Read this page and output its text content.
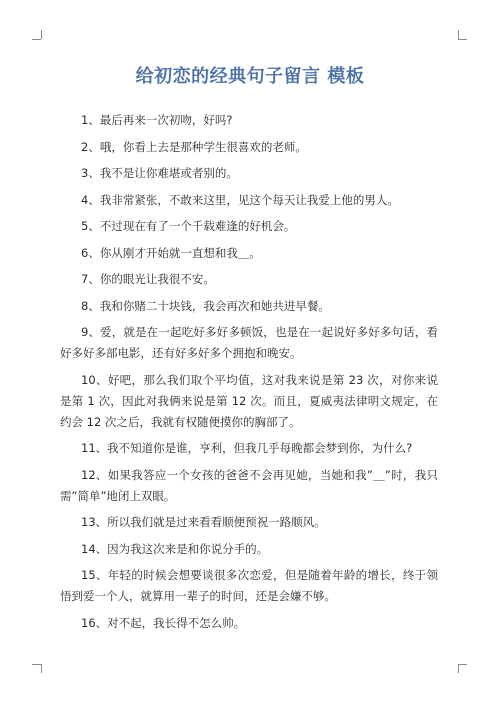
给初恋的经典句子留言 模板

1、最后再来一次初吻，好吗?

2、哦，你看上去是那种学生很喜欢的老师。

3、我不是让你难堪或者别的。

4、我非常紧张，不敢来这里，见这个每天让我爱上他的男人。

5、不过现在有了一个千载难逢的好机会。

6、你从刚才开始就一直想和我＿。

7、你的眼光让我很不安。

8、我和你赌二十块钱，我会再次和她共进早餐。

9、爱，就是在一起吃好多好多顿饭，也是在一起说好多好多句话，看好多好多部电影，还有好多好多个拥抱和晚安。

10、好吧，那么我们取个平均值，这对我来说是第 23 次，对你来说是第 1 次，因此对我俩来说是第 12 次。而且，夏威夷法律明文规定，在约会 12 次之后，我就有权随便摸你的胸部了。

11、我不知道你是谁，亨利，但我几乎每晚都会梦到你，为什么?

12、如果我答应一个女孩的爸爸不会再见她，当她和我”＿”时，我只需”简单”地闭上双眼。

13、所以我们就是过来看看顺便预祝一路顺风。

14、因为我这次来是和你说分手的。

15、年轻的时候会想要谈很多次恋爱，但是随着年龄的增长，终于领悟到爱一个人，就算用一辈子的时间，还是会嫌不够。

16、对不起，我长得不怎么帅。
